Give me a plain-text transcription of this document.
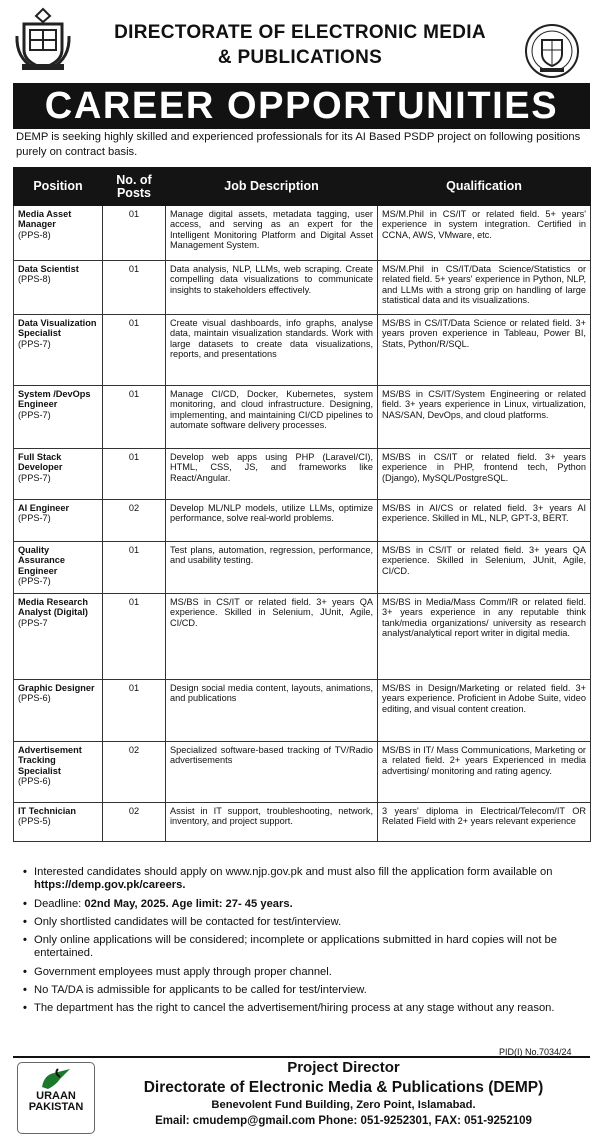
DIRECTORATE OF ELECTRONIC MEDIA
& PUBLICATIONS
CAREER OPPORTUNITIES
DEMP is seeking highly skilled and experienced professionals for its AI Based PSDP project on following positions purely on contract basis.
Position	No. of Posts	Job Description	Qualification

Media Asset Manager
(PPS-8)	01	Manage digital assets, metadata tagging, user access, and serving as an expert for the Intelligent Monitoring Platform and Digital Asset Management System.	MS/M.Phil in CS/IT or related field. 5+ years' experience in system integration. Certified in CCNA, AWS, VMware, etc.

Data Scientist
(PPS-8)	01	Data analysis, NLP, LLMs, web scraping. Create compelling data visualizations to communicate insights to stakeholders effectively.	MS/M.Phil in CS/IT/Data Science/Statistics or related field. 5+ years' experience in Python, NLP, and LLMs with a strong grip on handling of large statistical data and its visualizations.

Data Visualization Specialist
(PPS-7)	01	Create visual dashboards, info graphs, analyse data, maintain visualization standards. Work with large datasets to create data visualizations, reports, and presentations	MS/BS in CS/IT/Data Science or related field. 3+ years proven experience in Tableau, Power BI, Stats, Python/R/SQL.

System /DevOps Engineer
(PPS-7)	01	Manage CI/CD, Docker, Kubernetes, system monitoring, and cloud infrastructure. Designing, implementing, and maintaining CI/CD pipelines to automate software delivery processes.	MS/BS in CS/IT/System Engineering or related field. 3+ years experience in Linux, virtualization, NAS/SAN, DevOps, and cloud platforms.

Full Stack Developer
(PPS-7)	01	Develop web apps using PHP (Laravel/CI), HTML, CSS, JS, and frameworks like React/Angular.	MS/BS in CS/IT or related field. 3+ years experience in PHP, frontend tech, Python (Django), MySQL/PostgreSQL.

AI Engineer
(PPS-7)	02	Develop ML/NLP models, utilize LLMs, optimize performance, solve real-world problems.	MS/BS in AI/CS or related field. 3+ years AI experience. Skilled in ML, NLP, GPT-3, BERT.

Quality Assurance Engineer
(PPS-7)	01	Test plans, automation, regression, performance, and usability testing.	MS/BS in CS/IT or related field. 3+ years QA experience. Skilled in Selenium, JUnit, Agile, CI/CD.

Media Research Analyst (Digital)
(PPS-7	01	MS/BS in CS/IT or related field. 3+ years QA experience. Skilled in Selenium, JUnit, Agile, CI/CD.	MS/BS in Media/Mass Comm/IR or related field. 3+ years experience in any reputable think tank/media organizations/ university as research analyst/analytical report writer in digital media.

Graphic Designer
(PPS-6)	01	Design social media content, layouts, animations, and publications	MS/BS in Design/Marketing or related field. 3+ years experience. Proficient in Adobe Suite, video editing, and visual content creation.

Advertisement Tracking Specialist
(PPS-6)	02	Specialized software-based tracking of TV/Radio advertisements	MS/BS in IT/ Mass Communications, Marketing or a related field. 2+ years Experienced in media advertising/ monitoring and rating agency.

IT Technician
(PPS-5)	02	Assist in IT support, troubleshooting, network, inventory, and project support.	3 years' diploma in Electrical/Telecom/IT OR Related Field with 2+ years relevant experience
• Interested candidates should apply on www.njp.gov.pk and must also fill the application form available on https://demp.gov.pk/careers.
• Deadline: 02nd May, 2025. Age limit: 27- 45 years.
• Only shortlisted candidates will be contacted for test/interview.
• Only online applications will be considered; incomplete or applications submitted in hard copies will not be entertained.
• Government employees must apply through proper channel.
• No TA/DA is admissible for applicants to be called for test/interview.
• The department has the right to cancel the advertisement/hiring process at any stage without any reason.
PID(I) No.7034/24
URAAN
PAKISTAN
Project Director
Directorate of Electronic Media & Publications (DEMP)
Benevolent Fund Building, Zero Point, Islamabad.
Email: cmudemp@gmail.com Phone: 051-9252301, FAX: 051-9252109
